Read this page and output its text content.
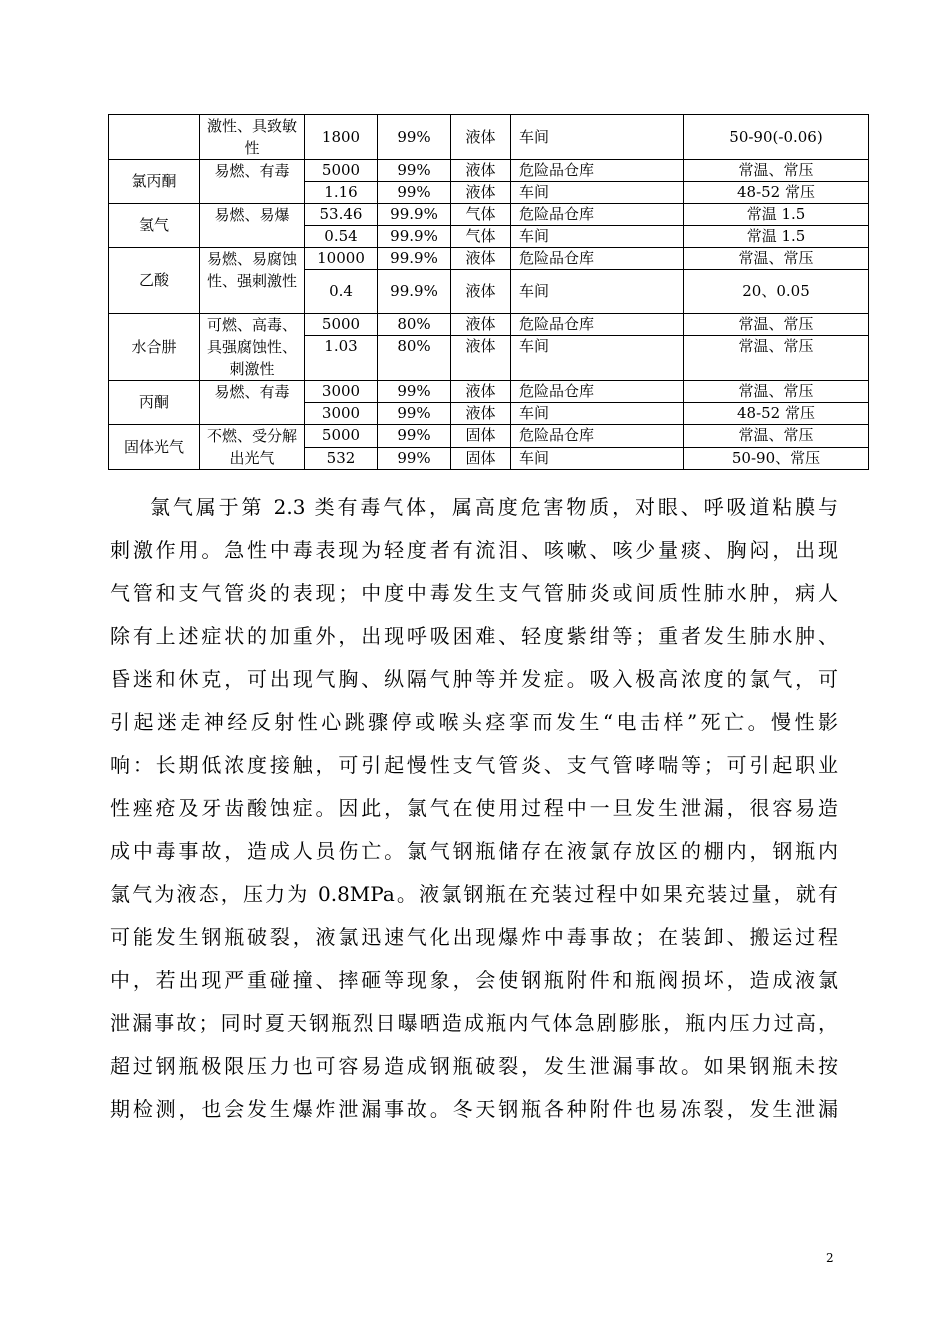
	激性、具致敏性	1800	99%	液体	车间	50-90(-0.06)
氯丙酮	易燃、有毒	5000	99%	液体	危险品仓库	常温、常压
		1.16	99%	液体	车间	48-52 常压
氢气	易燃、易爆	53.46	99.9%	气体	危险品仓库	常温 1.5
		0.54	99.9%	气体	车间	常温 1.5
乙酸	易燃、易腐蚀性、强刺激性	10000	99.9%	液体	危险品仓库	常温、常压
		0.4	99.9%	液体	车间	20、0.05
水合肼	可燃、高毒、具强腐蚀性、刺激性	5000	80%	液体	危险品仓库	常温、常压
		1.03	80%	液体	车间	常温、常压
丙酮	易燃、有毒	3000	99%	液体	危险品仓库	常温、常压
		3000	99%	液体	车间	48-52 常压
固体光气	不燃、受分解出光气	5000	99%	固体	危险品仓库	常温、常压
		532	99%	固体	车间	50-90、常压
氯气属于第 2.3 类有毒气体，属高度危害物质，对眼、呼吸道粘膜与
刺激作用。急性中毒表现为轻度者有流泪、咳嗽、咳少量痰、胸闷，出现
气管和支气管炎的表现；中度中毒发生支气管肺炎或间质性肺水肿，病人
除有上述症状的加重外，出现呼吸困难、轻度紫绀等；重者发生肺水肿、
昏迷和休克，可出现气胸、纵隔气肿等并发症。吸入极高浓度的氯气，可
引起迷走神经反射性心跳骤停或喉头痉挛而发生“电击样”死亡。慢性影
响：长期低浓度接触，可引起慢性支气管炎、支气管哮喘等；可引起职业
性痤疮及牙齿酸蚀症。因此，氯气在使用过程中一旦发生泄漏，很容易造
成中毒事故，造成人员伤亡。氯气钢瓶储存在液氯存放区的棚内，钢瓶内
氯气为液态，压力为 0.8MPa。液氯钢瓶在充装过程中如果充装过量，就有
可能发生钢瓶破裂，液氯迅速气化出现爆炸中毒事故；在装卸、搬运过程
中，若出现严重碰撞、摔砸等现象，会使钢瓶附件和瓶阀损坏，造成液氯
泄漏事故；同时夏天钢瓶烈日曝晒造成瓶内气体急剧膨胀，瓶内压力过高，
超过钢瓶极限压力也可容易造成钢瓶破裂，发生泄漏事故。如果钢瓶未按
期检测，也会发生爆炸泄漏事故。冬天钢瓶各种附件也易冻裂，发生泄漏
2
